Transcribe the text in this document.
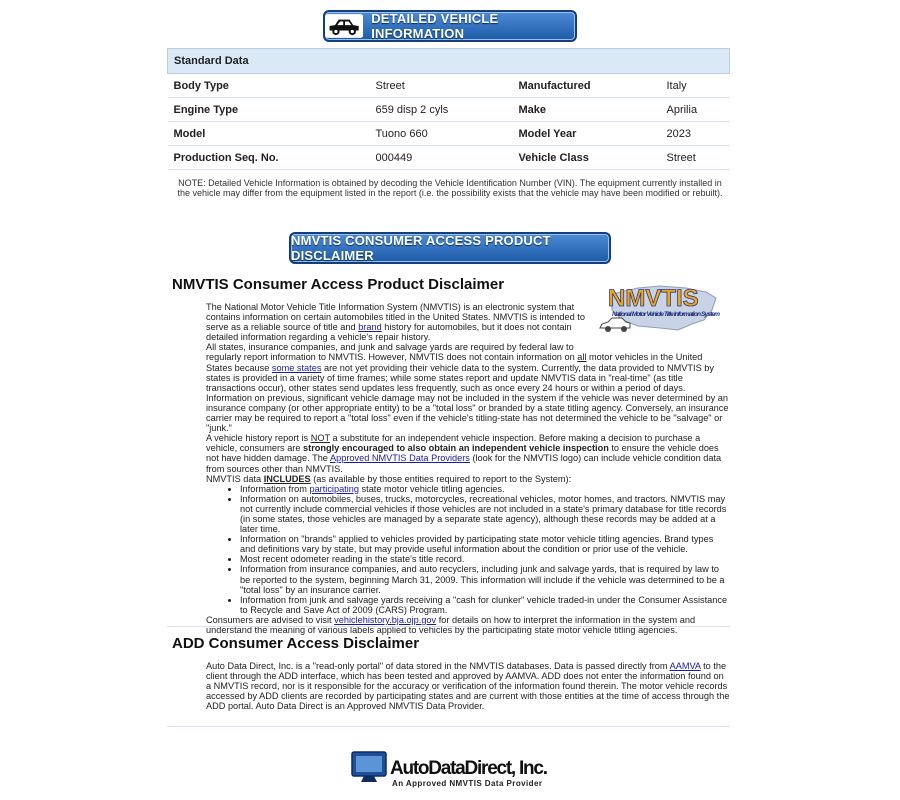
DETAILED VEHICLE INFORMATION
Standard Data			
Body Type	Street	Manufactured	Italy
Engine Type	659 disp 2 cyls	Make	Aprilia
Model	Tuono 660	Model Year	2023
Production Seq. No.	000449	Vehicle Class	Street
NOTE: Detailed Vehicle Information is obtained by decoding the Vehicle Identification Number (VIN). The equipment currently installed in the vehicle may differ from the equipment listed in the report (i.e. the possibility exists that the vehicle may have been modified or rebuilt).
NMVTIS CONSUMER ACCESS PRODUCT DISCLAIMER
NMVTIS Consumer Access Product Disclaimer
NMVTIS
National Motor Vehicle Title Information System

The National Motor Vehicle Title Information System (NMVTIS) is an electronic system that contains information on certain automobiles titled in the United States. NMVTIS is intended to serve as a reliable source of title and brand history for automobiles, but it does not contain detailed information regarding a vehicle's repair history.

All states, insurance companies, and junk and salvage yards are required by federal law to regularly report information to NMVTIS. However, NMVTIS does not contain information on all motor vehicles in the United States because some states are not yet providing their vehicle data to the system. Currently, the data provided to NMVTIS by states is provided in a variety of time frames; while some states report and update NMVTIS data in "real-time" (as title transactions occur), other states send updates less frequently, such as once every 24 hours or within a period of days.

Information on previous, significant vehicle damage may not be included in the system if the vehicle was never determined by an insurance company (or other appropriate entity) to be a "total loss" or branded by a state titling agency. Conversely, an insurance carrier may be required to report a "total loss" even if the vehicle's titling-state has not determined the vehicle to be "salvage" or "junk."

A vehicle history report is NOT a substitute for an independent vehicle inspection. Before making a decision to purchase a vehicle, consumers are strongly encouraged to also obtain an independent vehicle inspection to ensure the vehicle does not have hidden damage. The Approved NMVTIS Data Providers (look for the NMVTIS logo) can include vehicle condition data from sources other than NMVTIS.

NMVTIS data INCLUDES (as available by those entities required to report to the System):

• Information from participating state motor vehicle titling agencies.
• Information on automobiles, buses, trucks, motorcycles, recreational vehicles, motor homes, and tractors. NMVTIS may not currently include commercial vehicles if those vehicles are not included in a state's primary database for title records (in some states, those vehicles are managed by a separate state agency), although these records may be added at a later time.
• Information on "brands" applied to vehicles provided by participating state motor vehicle titling agencies. Brand types and definitions vary by state, but may provide useful information about the condition or prior use of the vehicle.
• Most recent odometer reading in the state's title record.
• Information from insurance companies, and auto recyclers, including junk and salvage yards, that is required by law to be reported to the system, beginning March 31, 2009. This information will include if the vehicle was determined to be a "total loss" by an insurance carrier.
• Information from junk and salvage yards receiving a "cash for clunker" vehicle traded-in under the Consumer Assistance to Recycle and Save Act of 2009 (CARS) Program.

Consumers are advised to visit vehiclehistory.bja.ojp.gov for details on how to interpret the information in the system and understand the meaning of various labels applied to vehicles by the participating state motor vehicle titling agencies.

ADD Consumer Access Disclaimer

Auto Data Direct, Inc. is a "read-only portal" of data stored in the NMVTIS databases. Data is passed directly from AAMVA to the client through the ADD interface, which has been tested and approved by AAMVA. ADD does not enter the information found on a NMVTIS record, nor is it responsible for the accuracy or verification of the information found therein. The motor vehicle records accessed by ADD clients are recorded by participating states and are current with those entities at the time of access through the ADD portal. Auto Data Direct is an Approved NMVTIS Data Provider.

AutoDataDirect, Inc.
An Approved NMVTIS Data Provider
